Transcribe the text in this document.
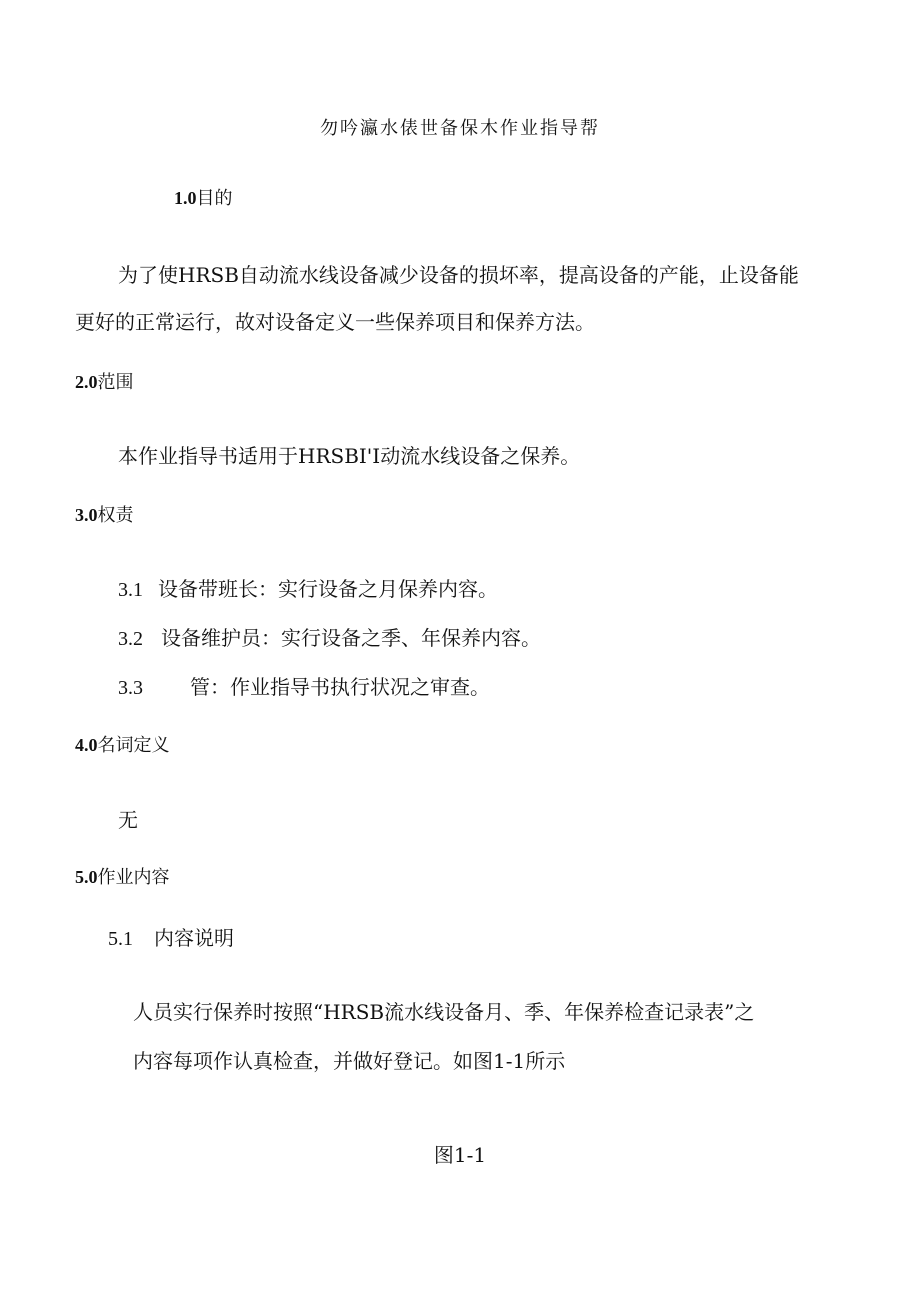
勿吟瀛水俵世备保木作业指导帮
1.0目的
为了使HRSB自动流水线设备减少设备的损坏率，提高设备的产能，止设备能
更好的正常运行，故对设备定义一些保养项目和保养方法。
2.0范围
本作业指导书适用于HRSBI'I动流水线设备之保养。
3.0权责
3.1 设备带班长：实行设备之月保养内容。
3.2 设备维护员：实行设备之季、年保养内容。
3.3 管：作业指导书执行状况之审查。
4.0名词定义
无
5.0作业内容
5.1 内容说明
人员实行保养时按照“HRSB流水线设备月、季、年保养检查记录表”之
内容每项作认真检查，并做好登记。如图1-1所示
图1-1
